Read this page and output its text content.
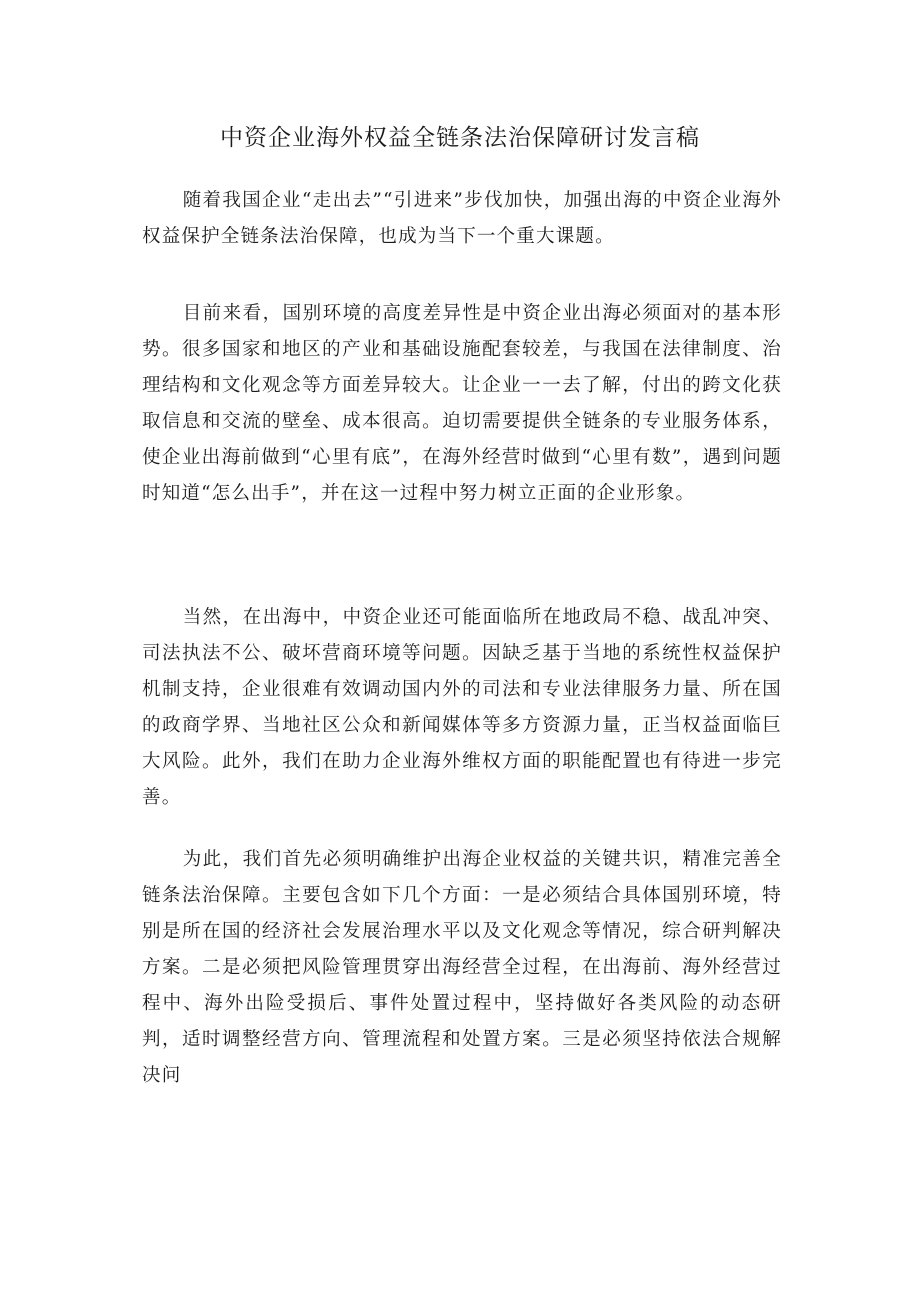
中资企业海外权益全链条法治保障研讨发言稿

随着我国企业“走出去”“引进来”步伐加快，加强出海的中资企业海外权益保护全链条法治保障，也成为当下一个重大课题。

目前来看，国别环境的高度差异性是中资企业出海必须面对的基本形势。很多国家和地区的产业和基础设施配套较差，与我国在法律制度、治理结构和文化观念等方面差异较大。让企业一一去了解，付出的跨文化获取信息和交流的壁垒、成本很高。迫切需要提供全链条的专业服务体系，使企业出海前做到“心里有底”，在海外经营时做到“心里有数”，遇到问题时知道“怎么出手”，并在这一过程中努力树立正面的企业形象。

当然，在出海中，中资企业还可能面临所在地政局不稳、战乱冲突、司法执法不公、破坏营商环境等问题。因缺乏基于当地的系统性权益保护机制支持，企业很难有效调动国内外的司法和专业法律服务力量、所在国的政商学界、当地社区公众和新闻媒体等多方资源力量，正当权益面临巨大风险。此外，我们在助力企业海外维权方面的职能配置也有待进一步完善。

为此，我们首先必须明确维护出海企业权益的关键共识，精准完善全链条法治保障。主要包含如下几个方面：一是必须结合具体国别环境，特别是所在国的经济社会发展治理水平以及文化观念等情况，综合研判解决方案。二是必须把风险管理贯穿出海经营全过程，在出海前、海外经营过程中、海外出险受损后、事件处置过程中，坚持做好各类风险的动态研判，适时调整经营方向、管理流程和处置方案。三是必须坚持依法合规解决问
